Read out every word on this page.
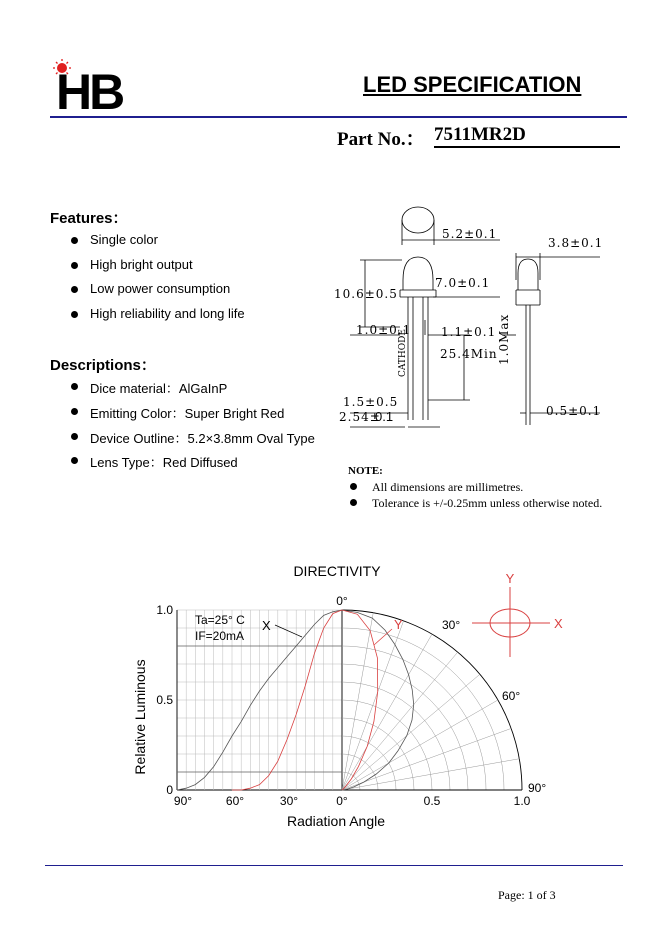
HB	LED SPECIFICATION
Part No.： 7511MR2D
Features：
Single color
High bright output
Low power consumption
High reliability and long life
Descriptions：
Dice material：AlGaInP
Emitting Color：Super Bright Red
Device Outline：5.2×3.8mm Oval Type
Lens Type：Red Diffused
CATHODE	1.0Max
5.2±0.1
3.8±0.1
10.6±0.5
7.0±0.1
1.0±0.1 1.1±0.1
25.4Min
1.5±0.5
2.54±
0.1	0.5±0.1
NOTE:
All dimensions are millimetres.
Tolerance is +/-0.25mm unless otherwise noted.
X	Y
90°	60°	30°	0°	0.5	1.0
0
0.5
1.0
0°
30°
60°
90°
Y
X
DIRECTIVITY
Radiation Angle
Relative Luminous
Ta=25° C
IF=20mA
Page: 1 of 3
